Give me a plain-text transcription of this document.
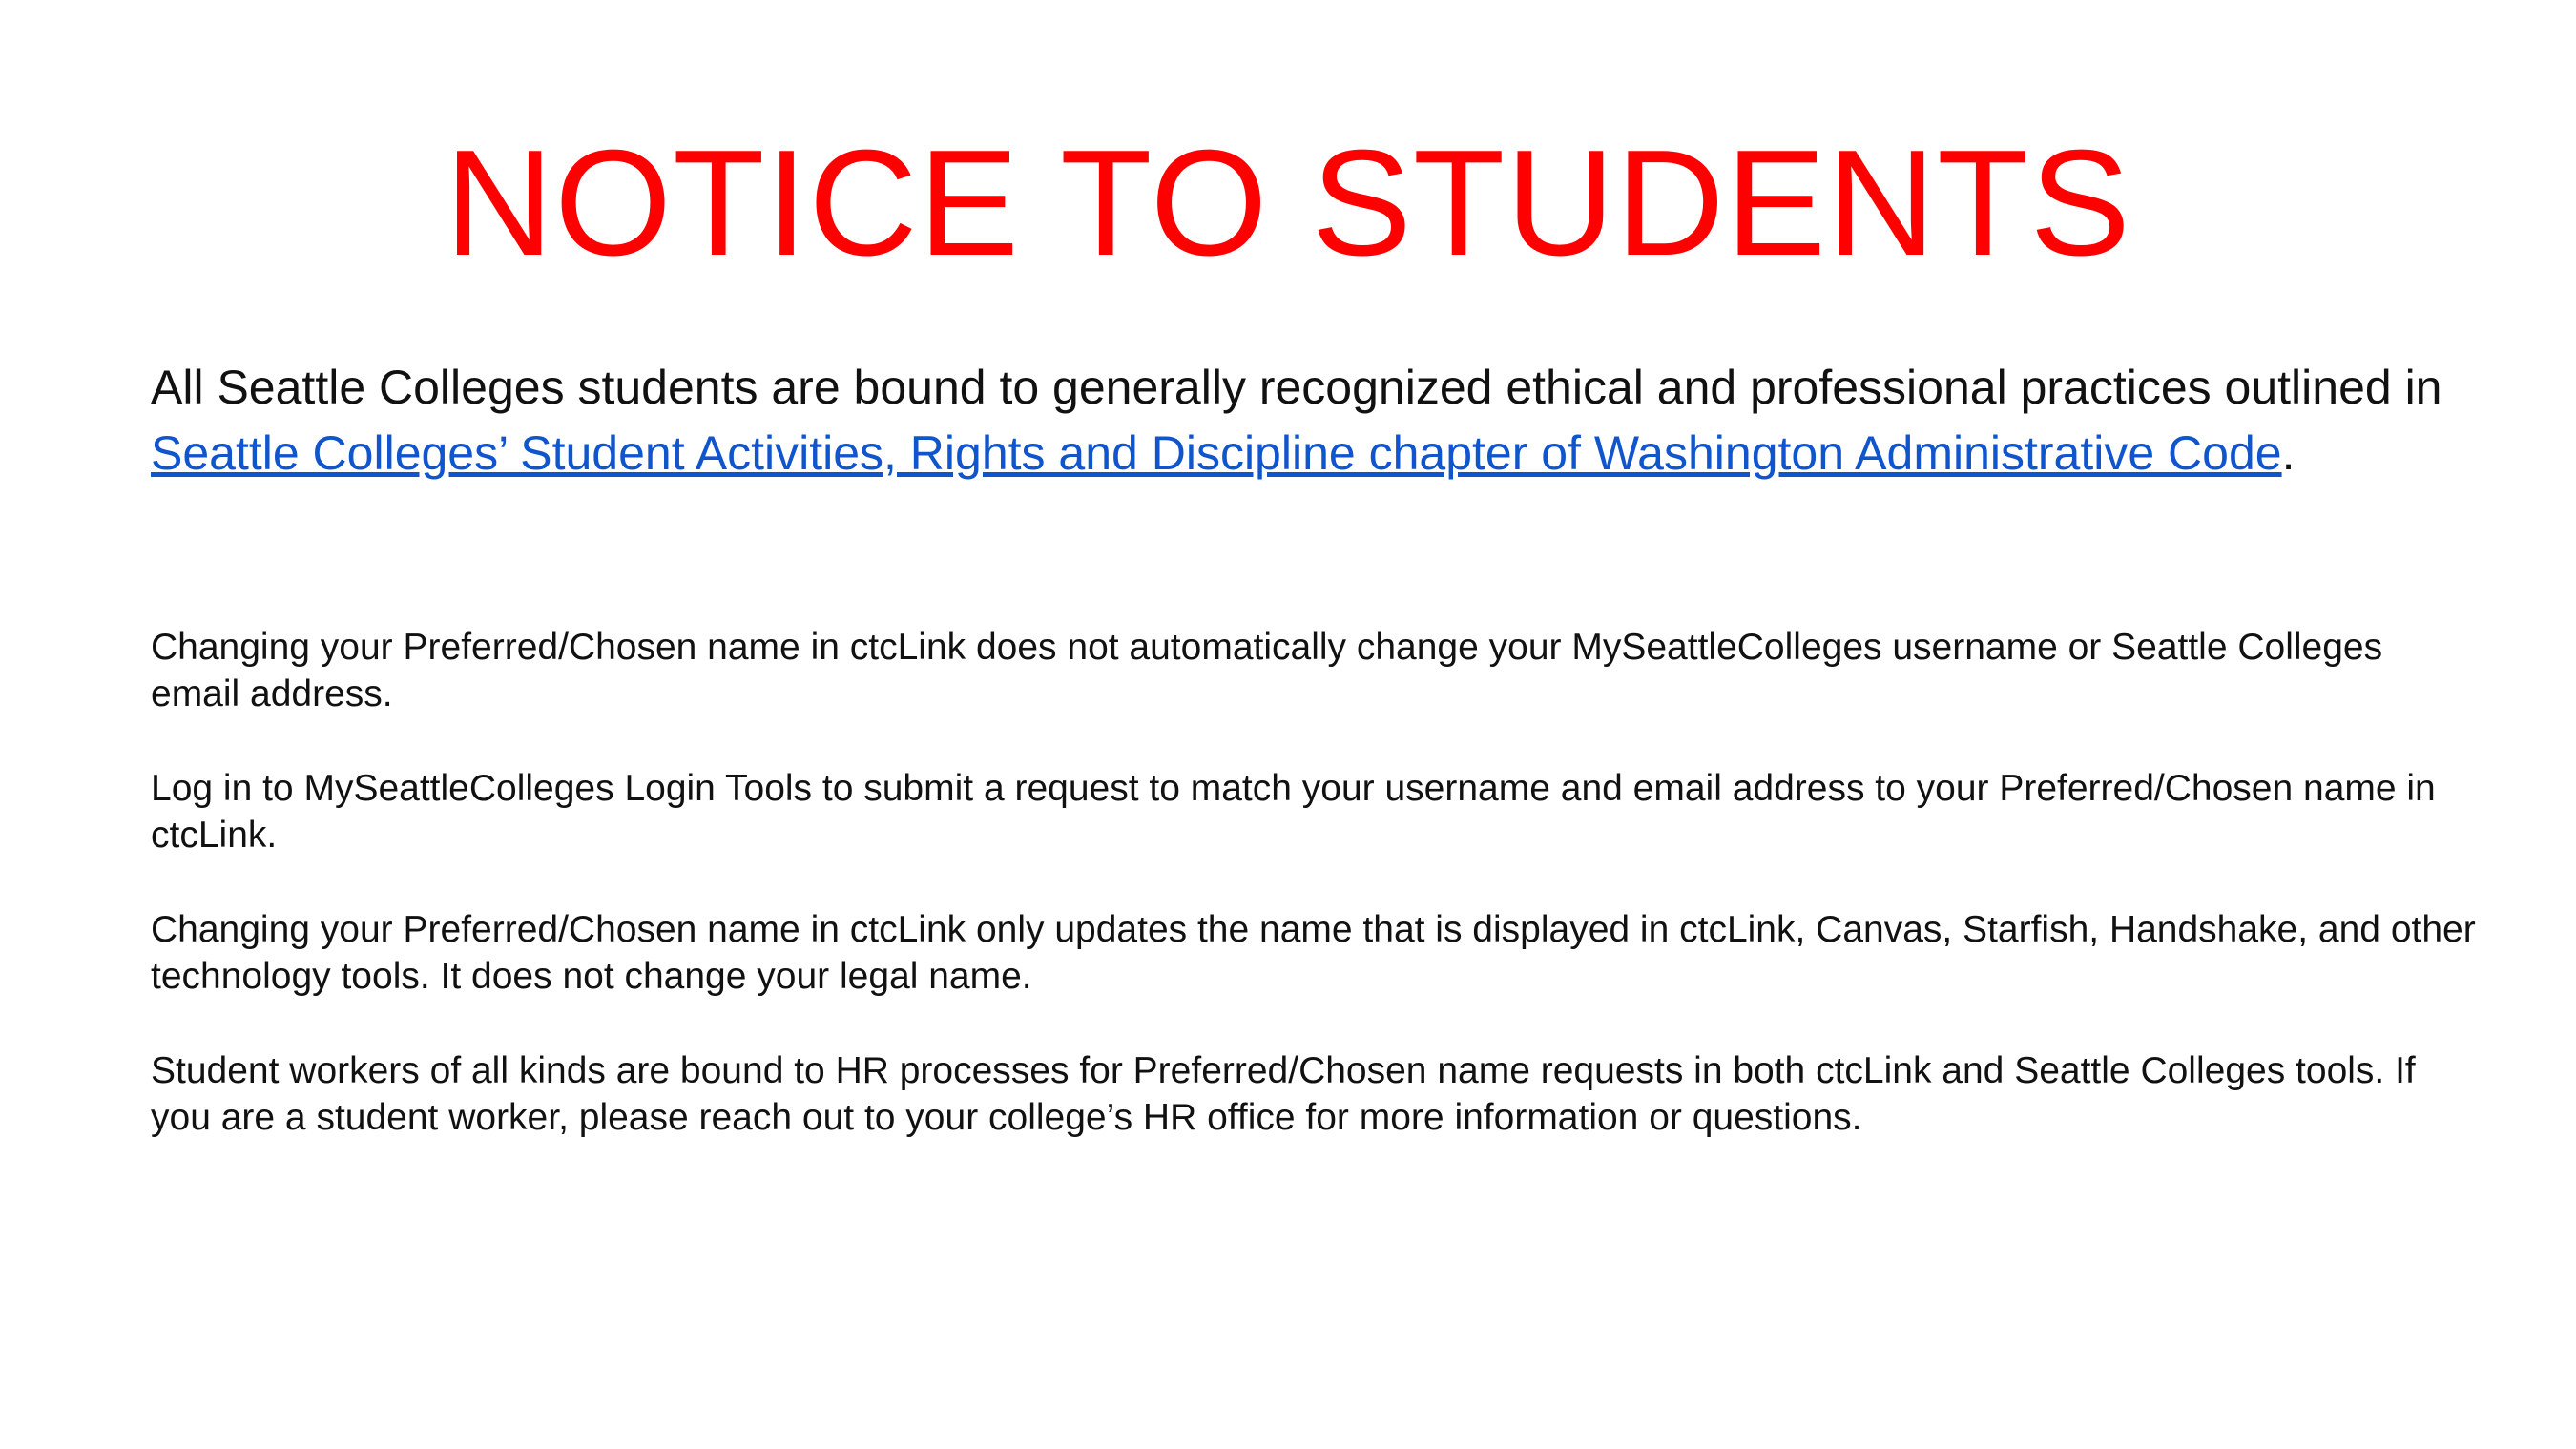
NOTICE TO STUDENTS

All Seattle Colleges students are bound to generally recognized ethical and professional practices outlined in Seattle Colleges’ Student Activities, Rights and Discipline chapter of Washington Administrative Code.

Changing your Preferred/Chosen name in ctcLink does not automatically change your MySeattleColleges username or Seattle Colleges email address.

Log in to MySeattleColleges Login Tools to submit a request to match your username and email address to your Preferred/Chosen name in ctcLink.

Changing your Preferred/Chosen name in ctcLink only updates the name that is displayed in ctcLink, Canvas, Starfish, Handshake, and other technology tools. It does not change your legal name.

Student workers of all kinds are bound to HR processes for Preferred/Chosen name requests in both ctcLink and Seattle Colleges tools. If you are a student worker, please reach out to your college’s HR office for more information or questions.
